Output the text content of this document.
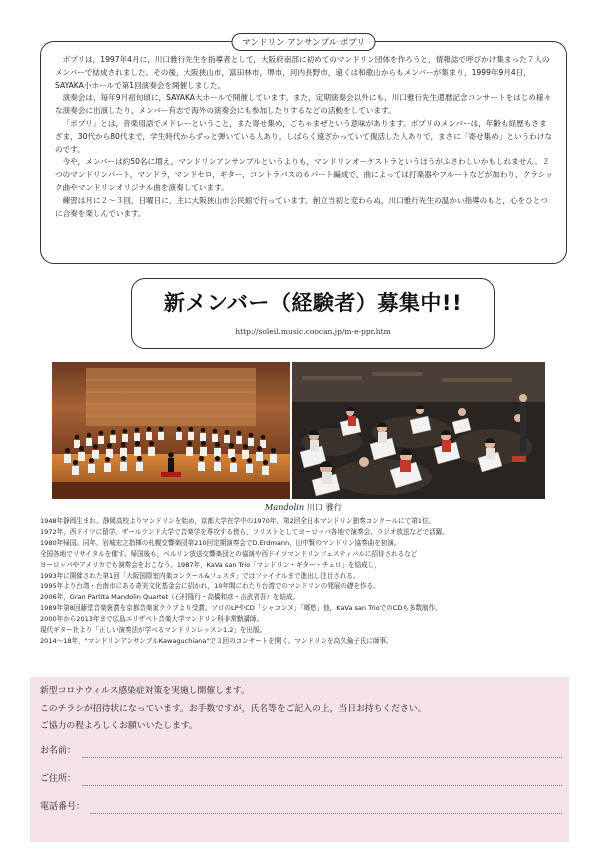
マンドリン アンサンブル ポプリ

ポプリは，1997年4月に，川口雅行先生を指導者として，大阪府南部に初めてのマンドリン団体を作ろうと，情報誌で呼びかけ集まった７人のメンバーで結成されました。その後，大阪狭山市，富田林市，堺市，河内長野市，遠くは和歌山からもメンバーが集まり，1999年9月4日，SAYAKA小ホールで第1回演奏会を開催しました。

演奏会は，毎年9月初旬頃に，SAYAKA大ホールで開催しています。また，定期演奏会以外にも，川口雅行先生還暦記念コンサートをはじめ様々な演奏会に出演したり，メンバー有志で海外の演奏会にも参加したりするなどの活動をしています。

「ポプリ」とは，音楽用語でメドレーということ，また寄せ集め，ごちゃまぜという意味があります。ポプリのメンバーは，年齢も経歴もさまざま，30代から80代まで，学生時代からずっと弾いている人あり，しばらく遠ざかっていて復活した人ありで，まさに「寄せ集め」というわけなのです。

今や，メンバーは約50名に増え，マンドリンアンサンブルというよりも，マンドリンオーケストラというほうがふさわしいかもしれません。２つのマンドリンパート，マンドラ，マンドセロ，ギター，コントラバスの６パート編成で，曲によっては打楽器やフルートなどが加わり，クラシック曲やマンドリンオリジナル曲を演奏しています。

練習は月に２～３回，日曜日に，主に大阪狭山市公民館で行っています。創立当初と変わらぬ，川口雅行先生の温かい指導のもと，心をひとつに合奏を楽しんでいます。

新メンバー（経験者）募集中!!
http://soleil.music.coocan.jp/m-e-ppr.htm
Mandolin 川口 雅行
1948年静岡生まれ。静岡高校よりマンドリンを始め，京都大学在学中の1970年，第2回全日本マンドリン独奏コンクールにて第1位。
1972年，西ドイツに留学。ザールランド大学で音楽学を専攻する傍ら，ソリストとしてヨーロッパ各地で演奏会，ラジオ放送などで活躍。
1980年帰国。同年，岩城宏之指揮の札幌交響楽団第210回定期演奏会でD.Erdmann，田中賢のマンドリン協奏曲を初演。
全国各地でリサイタルを催す。帰国後も，ベルリン放送交響楽団との協演や西ドイツマンドリンフェスティバルに招待されるなど
ヨーロッパやアメリカでも演奏会をおこなう。1987年，KaVa san Trio「マンドリン・ギター・チェロ」を結成し，
1993年に開催された第1回「大阪国際室内楽コンクール&フェスタ」ではファイナルまで進出し注目される。
1995年より台湾・台南市にある奇美文化基金会に招かれ，10年間にわたり台湾でのマンドリンの発展の礎を作る。
2006年，Gran Partita Mandolin Quartet（石村隆行・高橋和彦・吉武省吾）を結成。
1989年第8回藤堂音楽褒賞を京都音楽家クラブより受賞。ソロのLPやCD「シャコンヌ」「郷愁」他，KaVa san TrioでのCDも多数制作。
2000年から2013年まで広島エリザベト音楽大学マンドリン科非常勤講師。
現代ギター社より「正しい演奏法が学べるマンドリンレッスン1,2」を出版。
2014～18年，"マンドリンアンサンブルKawaguchiana"で３回のコンサートを開く。マンドリンを高久倫子氏に師事。
新型コロナウィルス感染症対策を実施し開催します。
このチラシが招待状になっています。お手数ですが，氏名等をご記入の上，当日お持ちください。
ご協力の程よろしくお願いいたします。
お名前：
ご住所：
電話番号：
